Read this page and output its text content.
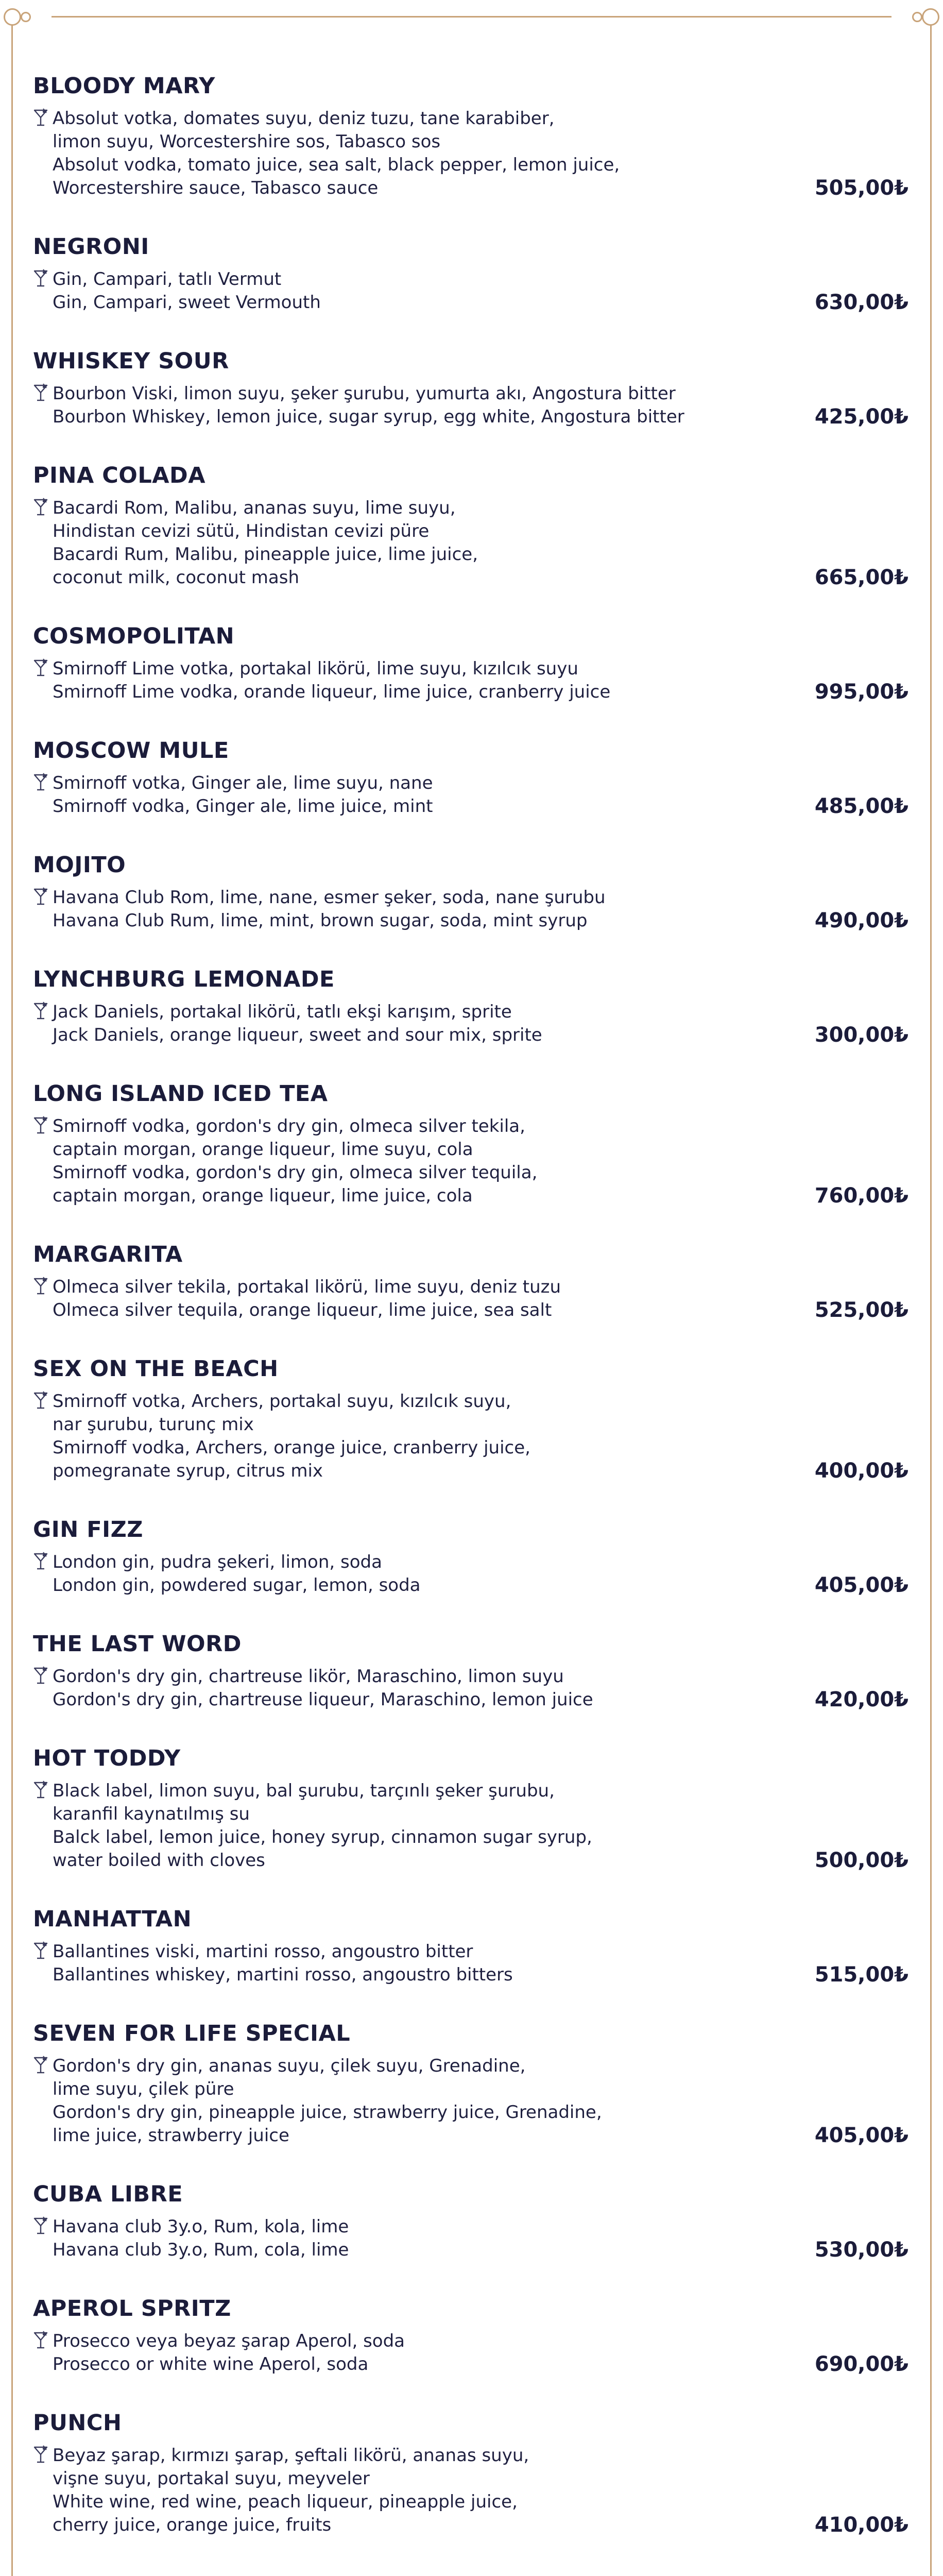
BLOODY MARY
Absolut votka, domates suyu, deniz tuzu, tane karabiber,
limon suyu, Worcestershire sos, Tabasco sos
Absolut vodka, tomato juice, sea salt, black pepper, lemon juice,
Worcestershire sauce, Tabasco sauce	505,00₺
NEGRONI
Gin, Campari, tatlı Vermut
Gin, Campari, sweet Vermouth	630,00₺
WHISKEY SOUR
Bourbon Viski, limon suyu, şeker şurubu, yumurta akı, Angostura bitter
Bourbon Whiskey, lemon juice, sugar syrup, egg white, Angostura bitter	425,00₺
PINA COLADA
Bacardi Rom, Malibu, ananas suyu, lime suyu,
Hindistan cevizi sütü, Hindistan cevizi püre
Bacardi Rum, Malibu, pineapple juice, lime juice,
coconut milk, coconut mash	665,00₺
COSMOPOLITAN
Smirnoff Lime votka, portakal likörü, lime suyu, kızılcık suyu
Smirnoff Lime vodka, orande liqueur, lime juice, cranberry juice	995,00₺
MOSCOW MULE
Smirnoff votka, Ginger ale, lime suyu, nane
Smirnoff vodka, Ginger ale, lime juice, mint	485,00₺
MOJITO
Havana Club Rom, lime, nane, esmer şeker, soda, nane şurubu
Havana Club Rum, lime, mint, brown sugar, soda, mint syrup	490,00₺
LYNCHBURG LEMONADE
Jack Daniels, portakal likörü, tatlı ekşi karışım, sprite
Jack Daniels, orange liqueur, sweet and sour mix, sprite	300,00₺
LONG ISLAND ICED TEA
Smirnoff vodka, gordon's dry gin, olmeca silver tekila,
captain morgan, orange liqueur, lime suyu, cola
Smirnoff vodka, gordon's dry gin, olmeca silver tequila,
captain morgan, orange liqueur, lime juice, cola	760,00₺
MARGARITA
Olmeca silver tekila, portakal likörü, lime suyu, deniz tuzu
Olmeca silver tequila, orange liqueur, lime juice, sea salt	525,00₺
SEX ON THE BEACH
Smirnoff votka, Archers, portakal suyu, kızılcık suyu,
nar şurubu, turunç mix
Smirnoff vodka, Archers, orange juice, cranberry juice,
pomegranate syrup, citrus mix	400,00₺
GIN FIZZ
London gin, pudra şekeri, limon, soda
London gin, powdered sugar, lemon, soda	405,00₺
THE LAST WORD
Gordon's dry gin, chartreuse likör, Maraschino, limon suyu
Gordon's dry gin, chartreuse liqueur, Maraschino, lemon juice	420,00₺
HOT TODDY
Black label, limon suyu, bal şurubu, tarçınlı şeker şurubu,
karanfil kaynatılmış su
Balck label, lemon juice, honey syrup, cinnamon sugar syrup,
water boiled with cloves	500,00₺
MANHATTAN
Ballantines viski, martini rosso, angoustro bitter
Ballantines whiskey, martini rosso, angoustro bitters	515,00₺
SEVEN FOR LIFE SPECIAL
Gordon's dry gin, ananas suyu, çilek suyu, Grenadine,
lime suyu, çilek püre
Gordon's dry gin, pineapple juice, strawberry juice, Grenadine,
lime juice, strawberry juice	405,00₺
CUBA LIBRE
Havana club 3y.o, Rum, kola, lime
Havana club 3y.o, Rum, cola, lime	530,00₺
APEROL SPRITZ
Prosecco veya beyaz şarap Aperol, soda
Prosecco or white wine Aperol, soda	690,00₺
PUNCH
Beyaz şarap, kırmızı şarap, şeftali likörü, ananas suyu,
vişne suyu, portakal suyu, meyveler
White wine, red wine, peach liqueur, pineapple juice,
cherry juice, orange juice, fruits	410,00₺
